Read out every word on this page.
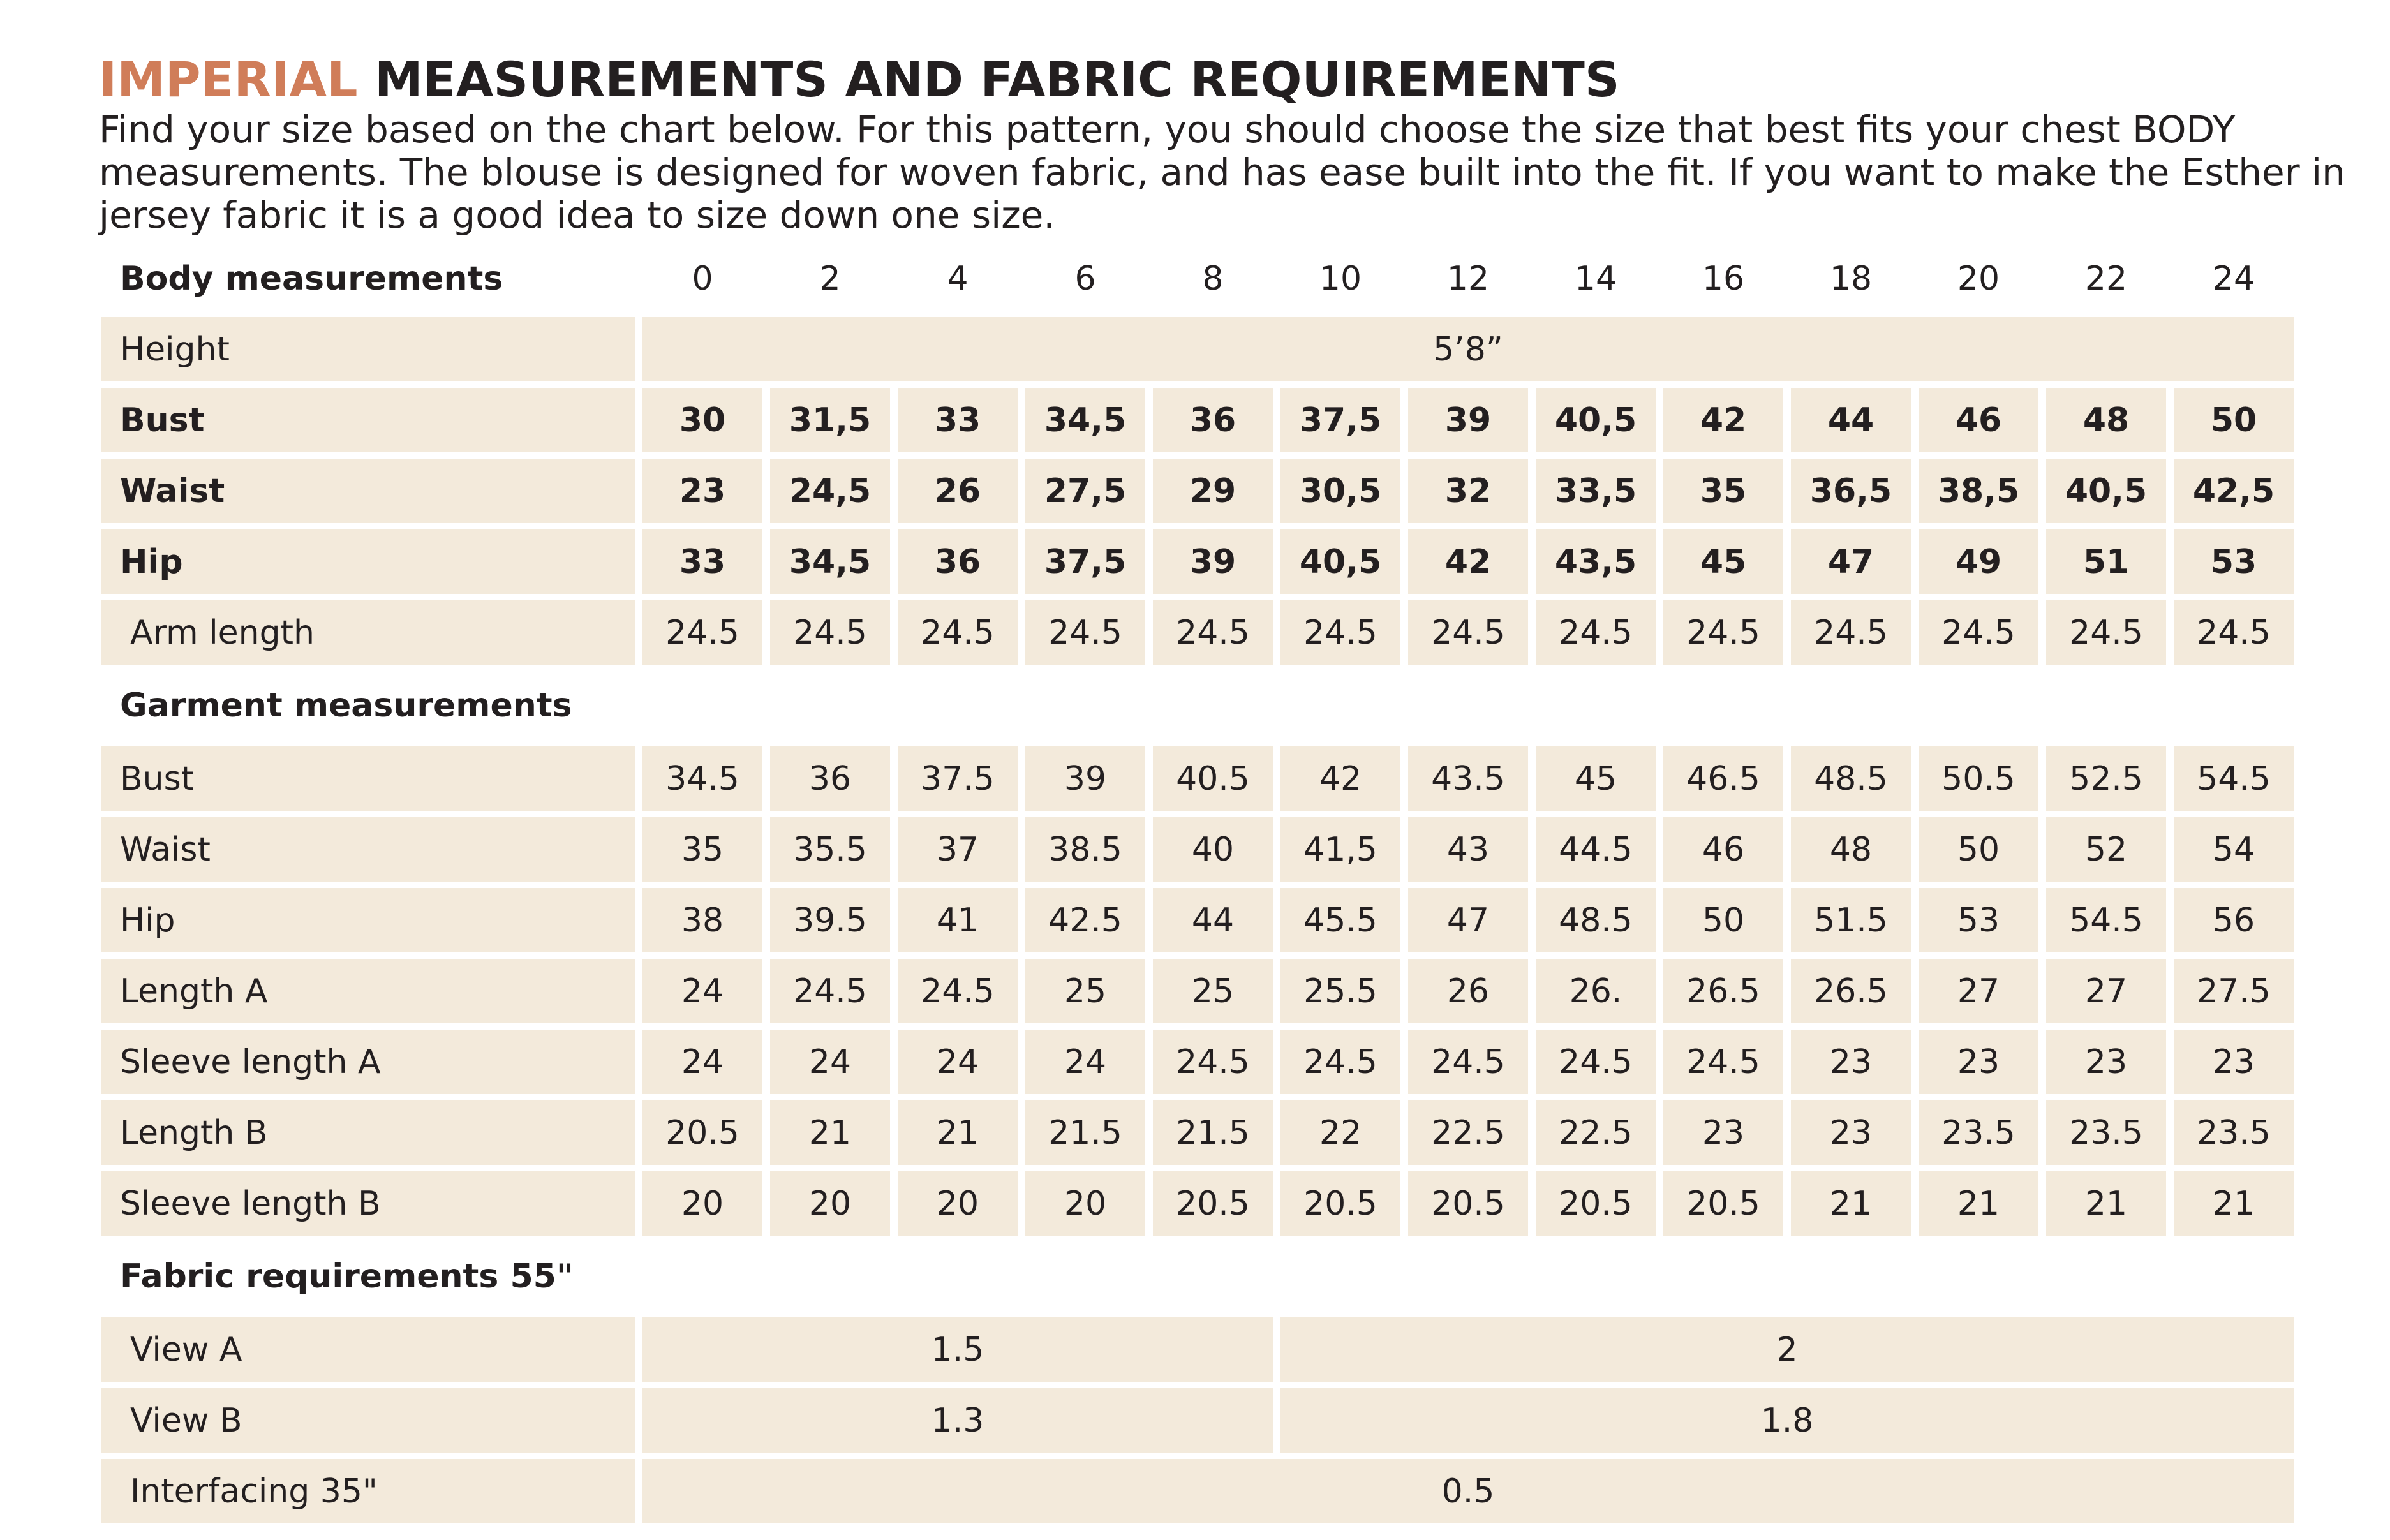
IMPERIAL MEASUREMENTS AND FABRIC REQUIREMENTS

Find your size based on the chart below. For this pattern, you should choose the size that best fits your chest BODY
measurements. The blouse is designed for woven fabric, and has ease built into the fit. If you want to make the Esther in
jersey fabric it is a good idea to size down one size.

Body measurements	0	2	4	6	8	10	12	14	16	18	20	22	24
Height	5’8”												
Bust	30	31,5	33	34,5	36	37,5	39	40,5	42	44	46	48	50
Waist	23	24,5	26	27,5	29	30,5	32	33,5	35	36,5	38,5	40,5	42,5
Hip	33	34,5	36	37,5	39	40,5	42	43,5	45	47	49	51	53
Arm length	24.5	24.5	24.5	24.5	24.5	24.5	24.5	24.5	24.5	24.5	24.5	24.5	24.5
Garment measurements													
Bust	34.5	36	37.5	39	40.5	42	43.5	45	46.5	48.5	50.5	52.5	54.5
Waist	35	35.5	37	38.5	40	41,5	43	44.5	46	48	50	52	54
Hip	38	39.5	41	42.5	44	45.5	47	48.5	50	51.5	53	54.5	56
Length A	24	24.5	24.5	25	25	25.5	26	26.	26.5	26.5	27	27	27.5
Sleeve length A	24	24	24	24	24.5	24.5	24.5	24.5	24.5	23	23	23	23
Length B	20.5	21	21	21.5	21.5	22	22.5	22.5	23	23	23.5	23.5	23.5
Sleeve length B	20	20	20	20	20.5	20.5	20.5	20.5	20.5	21	21	21	21
Fabric requirements 55"													
View A	1.5					2							
View B	1.3					1.8							
Interfacing 35"	0.5												
